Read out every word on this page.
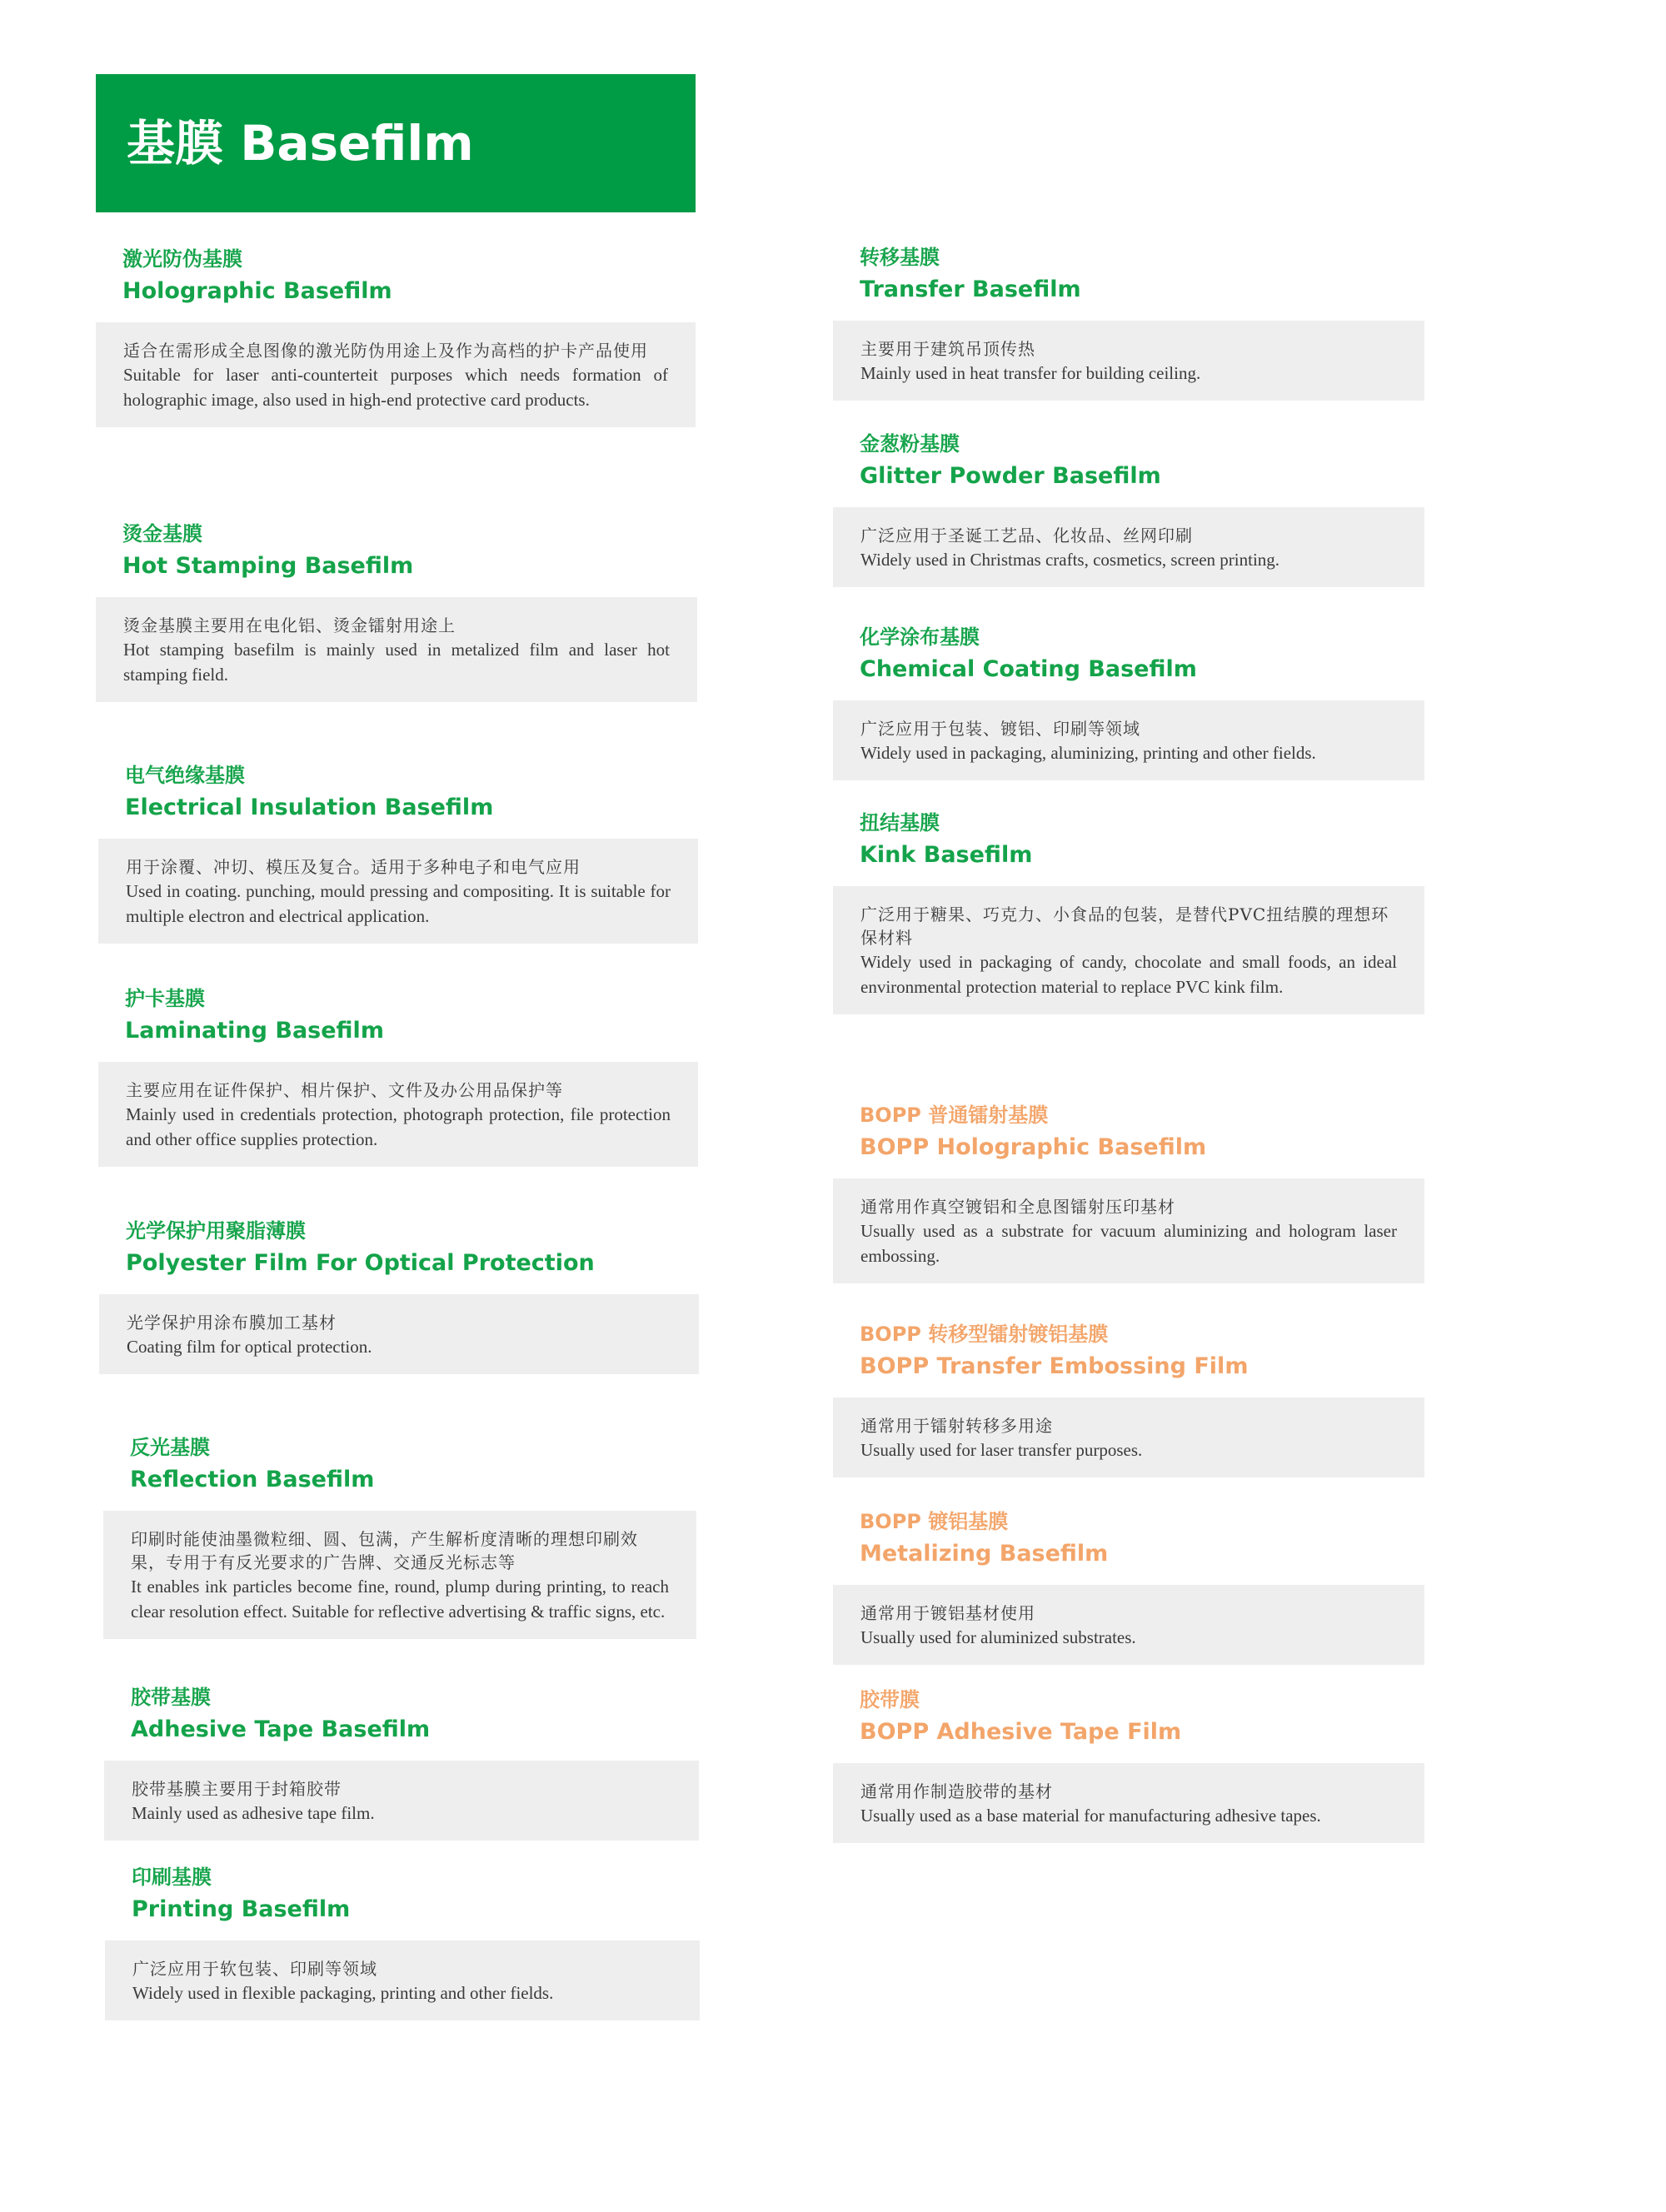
基膜 Basefilm
激光防伪基膜
Holographic Basefilm
适合在需形成全息图像的激光防伪用途上及作为高档的护卡产品使用
Suitable for laser anti-counterteit purposes which needs formation of holographic image, also used in high-end protective card products.
烫金基膜
Hot Stamping Basefilm
烫金基膜主要用在电化铝、烫金镭射用途上
Hot stamping basefilm is mainly used in metalized film and laser hot stamping field.
电气绝缘基膜
Electrical Insulation Basefilm
用于涂覆、冲切、模压及复合。适用于多种电子和电气应用
Used in coating. punching, mould pressing and compositing. It is suitable for multiple electron and electrical application.
护卡基膜
Laminating Basefilm
主要应用在证件保护、相片保护、文件及办公用品保护等
Mainly used in credentials protection, photograph protection, file protection and other office supplies protection.
光学保护用聚脂薄膜
Polyester Film For Optical Protection
光学保护用涂布膜加工基材
Coating film for optical protection.
反光基膜
Reflection Basefilm
印刷时能使油墨微粒细、圆、包满，产生解析度清晰的理想印刷效果，专用于有反光要求的广告牌、交通反光标志等
It enables ink particles become fine, round, plump during printing, to reach clear resolution effect. Suitable for reflective advertising & traffic signs, etc.
胶带基膜
Adhesive Tape Basefilm
胶带基膜主要用于封箱胶带
Mainly used as adhesive tape film.
印刷基膜
Printing Basefilm
广泛应用于软包装、印刷等领域
Widely used in flexible packaging, printing and other fields.
转移基膜
Transfer Basefilm
主要用于建筑吊顶传热
Mainly used in heat transfer for building ceiling.
金葱粉基膜
Glitter Powder Basefilm
广泛应用于圣诞工艺品、化妆品、丝网印刷
Widely used in Christmas crafts, cosmetics, screen printing.
化学涂布基膜
Chemical Coating Basefilm
广泛应用于包装、镀铝、印刷等领域
Widely used in packaging, aluminizing, printing and other fields.
扭结基膜
Kink Basefilm
广泛用于糖果、巧克力、小食品的包装，是替代PVC扭结膜的理想环保材料
Widely used in packaging of candy, chocolate and small foods, an ideal environmental protection material to replace PVC kink film.
BOPP 普通镭射基膜
BOPP Holographic Basefilm
通常用作真空镀铝和全息图镭射压印基材
Usually used as a substrate for vacuum aluminizing and hologram laser embossing.
BOPP 转移型镭射镀铝基膜
BOPP Transfer Embossing Film
通常用于镭射转移多用途
Usually used for laser transfer purposes.
BOPP 镀铝基膜
Metalizing Basefilm
通常用于镀铝基材使用
Usually used for aluminized substrates.
胶带膜
BOPP Adhesive Tape Film
通常用作制造胶带的基材
Usually used as a base material for manufacturing adhesive tapes.
